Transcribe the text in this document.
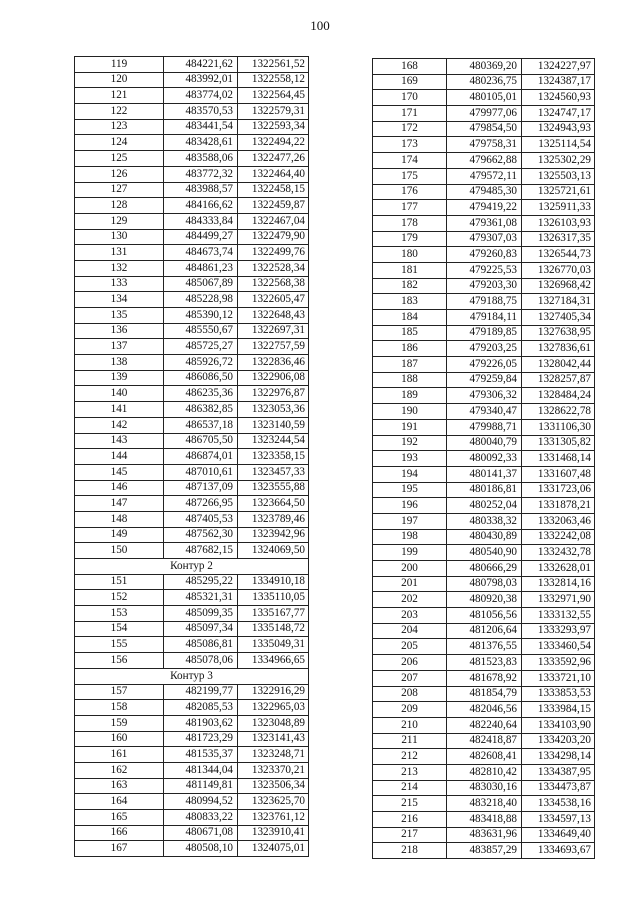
100
119	484221,62	1322561,52
120	483992,01	1322558,12
121	483774,02	1322564,45
122	483570,53	1322579,31
123	483441,54	1322593,34
124	483428,61	1322494,22
125	483588,06	1322477,26
126	483772,32	1322464,40
127	483988,57	1322458,15
128	484166,62	1322459,87
129	484333,84	1322467,04
130	484499,27	1322479,90
131	484673,74	1322499,76
132	484861,23	1322528,34
133	485067,89	1322568,38
134	485228,98	1322605,47
135	485390,12	1322648,43
136	485550,67	1322697,31
137	485725,27	1322757,59
138	485926,72	1322836,46
139	486086,50	1322906,08
140	486235,36	1322976,87
141	486382,85	1323053,36
142	486537,18	1323140,59
143	486705,50	1323244,54
144	486874,01	1323358,15
145	487010,61	1323457,33
146	487137,09	1323555,88
147	487266,95	1323664,50
148	487405,53	1323789,46
149	487562,30	1323942,96
150	487682,15	1324069,50
Контур 2		
151	485295,22	1334910,18
152	485321,31	1335110,05
153	485099,35	1335167,77
154	485097,34	1335148,72
155	485086,81	1335049,31
156	485078,06	1334966,65
Контур 3		
157	482199,77	1322916,29
158	482085,53	1322965,03
159	481903,62	1323048,89
160	481723,29	1323141,43
161	481535,37	1323248,71
162	481344,04	1323370,21
163	481149,81	1323506,34
164	480994,52	1323625,70
165	480833,22	1323761,12
166	480671,08	1323910,41
167	480508,10	1324075,01
168	480369,20	1324227,97
169	480236,75	1324387,17
170	480105,01	1324560,93
171	479977,06	1324747,17
172	479854,50	1324943,93
173	479758,31	1325114,54
174	479662,88	1325302,29
175	479572,11	1325503,13
176	479485,30	1325721,61
177	479419,22	1325911,33
178	479361,08	1326103,93
179	479307,03	1326317,35
180	479260,83	1326544,73
181	479225,53	1326770,03
182	479203,30	1326968,42
183	479188,75	1327184,31
184	479184,11	1327405,34
185	479189,85	1327638,95
186	479203,25	1327836,61
187	479226,05	1328042,44
188	479259,84	1328257,87
189	479306,32	1328484,24
190	479340,47	1328622,78
191	479988,71	1331106,30
192	480040,79	1331305,82
193	480092,33	1331468,14
194	480141,37	1331607,48
195	480186,81	1331723,06
196	480252,04	1331878,21
197	480338,32	1332063,46
198	480430,89	1332242,08
199	480540,90	1332432,78
200	480666,29	1332628,01
201	480798,03	1332814,16
202	480920,38	1332971,90
203	481056,56	1333132,55
204	481206,64	1333293,97
205	481376,55	1333460,54
206	481523,83	1333592,96
207	481678,92	1333721,10
208	481854,79	1333853,53
209	482046,56	1333984,15
210	482240,64	1334103,90
211	482418,87	1334203,20
212	482608,41	1334298,14
213	482810,42	1334387,95
214	483030,16	1334473,87
215	483218,40	1334538,16
216	483418,88	1334597,13
217	483631,96	1334649,40
218	483857,29	1334693,67
